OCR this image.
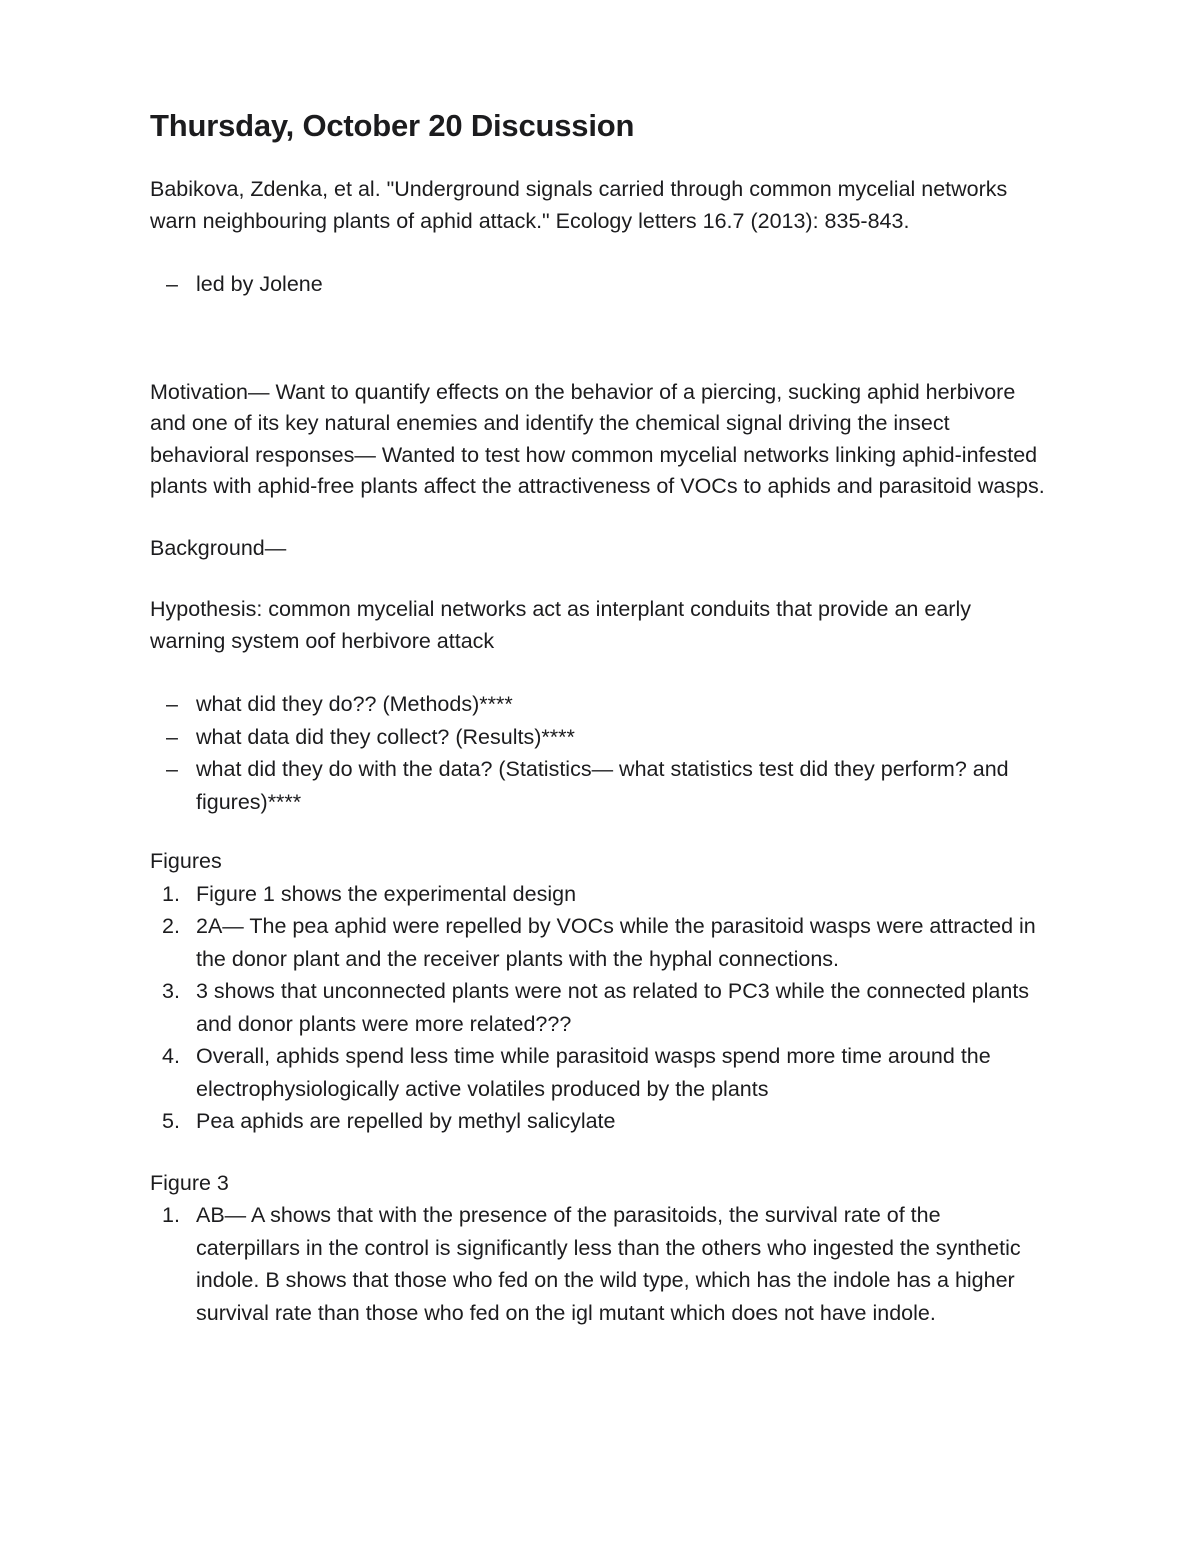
Thursday, October 20 Discussion

Babikova, Zdenka, et al. "Underground signals carried through common mycelial networks warn neighbouring plants of aphid attack." Ecology letters 16.7 (2013): 835-843.

– led by Jolene

Motivation— Want to quantify effects on the behavior of a piercing, sucking aphid herbivore and one of its key natural enemies and identify the chemical signal driving the insect behavioral responses— Wanted to test how common mycelial networks linking aphid-infested plants with aphid-free plants affect the attractiveness of VOCs to aphids and parasitoid wasps.

Background—

Hypothesis: common mycelial networks act as interplant conduits that provide an early warning system oof herbivore attack

– what did they do?? (Methods)****
– what data did they collect? (Results)****
– what did they do with the data? (Statistics— what statistics test did they perform? and figures)****

Figures

1. Figure 1 shows the experimental design
2. 2A— The pea aphid were repelled by VOCs while the parasitoid wasps were attracted in the donor plant and the receiver plants with the hyphal connections.
3. 3 shows that unconnected plants were not as related to PC3 while the connected plants and donor plants were more related???
4. Overall, aphids spend less time while parasitoid wasps spend more time around the electrophysiologically active volatiles produced by the plants
5. Pea aphids are repelled by methyl salicylate

Figure 3

1. AB— A shows that with the presence of the parasitoids, the survival rate of the caterpillars in the control is significantly less than the others who ingested the synthetic indole. B shows that those who fed on the wild type, which has the indole has a higher survival rate than those who fed on the igl mutant which does not have indole.
